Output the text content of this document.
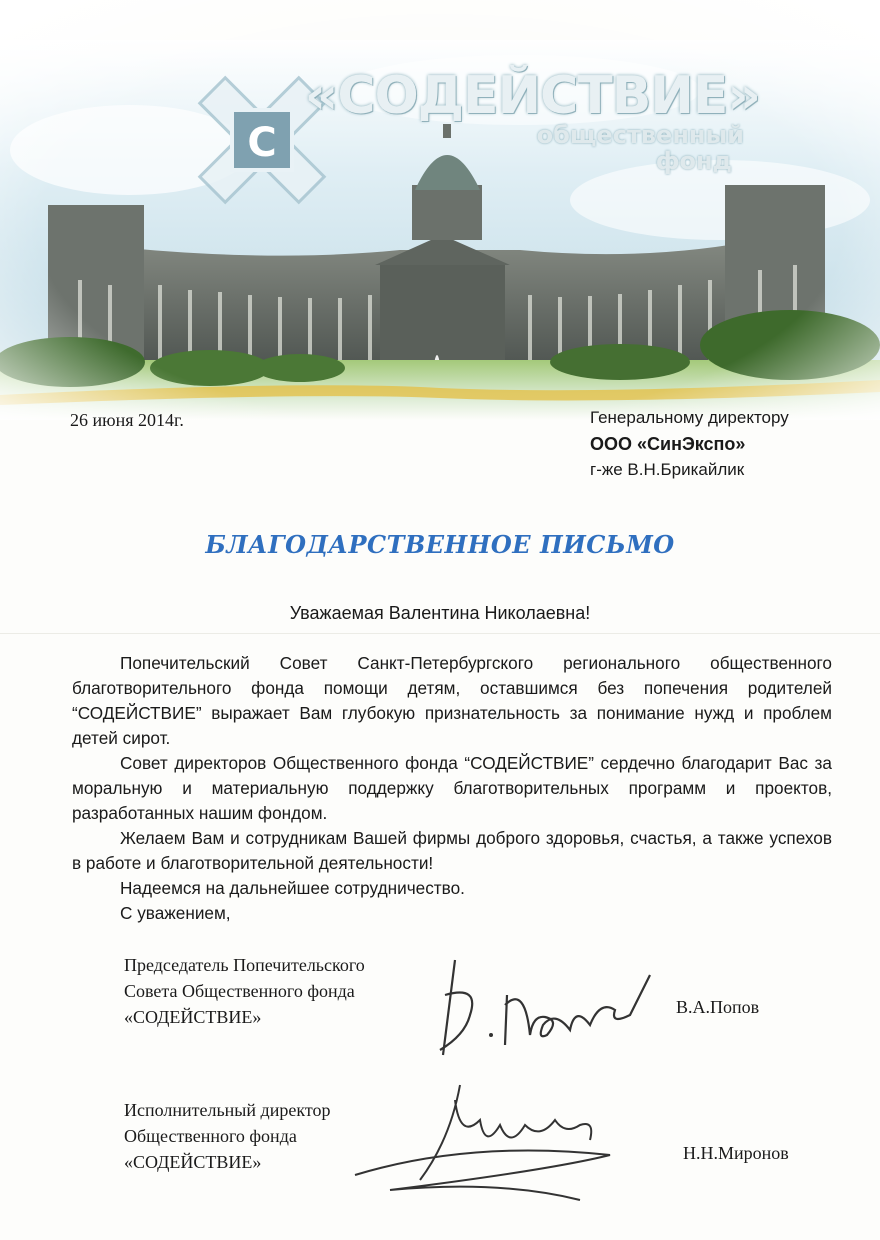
«СОДЕЙСТВИЕ»
общественный
фонд
26 июня 2014г.	Генеральному директору
ООО «СинЭкспо»
г-же В.Н.Брикайлик
БЛАГОДАРСТВЕННОЕ ПИСЬМО
Уважаемая Валентина Николаевна!

Попечительский Совет Санкт-Петербургского регионального общественного благотворительного фонда помощи детям, оставшимся без попечения родителей “СОДЕЙСТВИЕ” выражает Вам глубокую признательность за понимание нужд и проблем детей сирот.

Совет директоров Общественного фонда “СОДЕЙСТВИЕ” сердечно благодарит Вас за моральную и материальную поддержку благотворительных программ и проектов, разработанных нашим фондом.

Желаем Вам и сотрудникам Вашей фирмы доброго здоровья, счастья, а также успехов в работе и благотворительной деятельности!

Надеемся на дальнейшее сотрудничество.

С уважением,

Председатель Попечительского
Совета Общественного фонда
«СОДЕЙСТВИЕ»	В.А.Попов
Исполнительный директор
Общественного фонда
«СОДЕЙСТВИЕ»	Н.Н.Миронов
